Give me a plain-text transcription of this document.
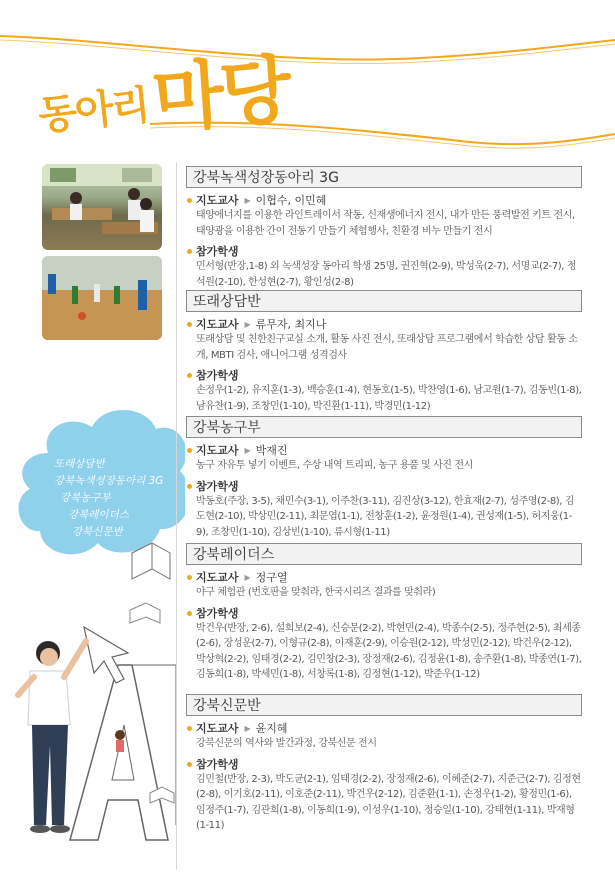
동아리 마당
또래상담반
강북녹색성장동아리 3G
강북농구부
강북레이더스
강북신문반
강북녹색성장동아리 3G
지도교사 ▶ 이협수, 이민혜
태양에너지를 이용한 라인트레이서 작동, 신재생에너지 전시, 내가 만든 풍력발전 키트 전시, 태양광을 이용한 간이 전동기 만들기 체험행사, 친환경 비누 만들기 전시
참가학생
민서형(반장,1-8) 외 녹색성장 동아리 학생 25명, 권진혁(2-9), 박성욱(2-7), 서명교(2-7), 정석원(2-10), 한성현(2-7), 황인성(2-8)
또래상담반
지도교사 ▶ 류무자, 최지나
또래상담 및 친한친구교실 소개, 활동 사진 전시, 또래상담 프로그램에서 학습한 상담 활동 소개, MBTI 검사, 애니어그램 성격검사
참가학생
손정우(1-2), 유지훈(1-3), 백승훈(1-4), 현동호(1-5), 박찬영(1-6), 남고원(1-7), 김동빈(1-8), 남유찬(1-9), 조창민(1-10), 박진환(1-11), 박경민(1-12)
강북농구부
지도교사 ▶ 박재진
농구 자유투 넣기 이벤트, 수상 내역 트리피, 농구 용품 및 사진 전시
참가학생
박동호(주장, 3-5), 채민수(3-1), 이주찬(3-11), 김진상(3-12), 한효재(2-7), 성주영(2-8), 김도현(2-10), 박상민(2-11), 최문엽(1-1), 전창훈(1-2), 윤정원(1-4), 권성재(1-5), 허지웅(1-9), 조창민(1-10), 김상빈(1-10), 류시형(1-11)
강북레이더스
지도교사 ▶ 정구열
야구 체험관 (번호판을 맞춰라, 한국시리즈 결과를 맞춰라)
참가학생
박건우(반장, 2-6), 설희보(2-4), 신승문(2-2), 박현민(2-4), 박종수(2-5), 정주현(2-5), 최세종(2-6), 장성운(2-7), 이형규(2-8), 이재훈(2-9), 이승원(2-12), 박성민(2-12), 박건우(2-12), 박상혁(2-2), 임태경(2-2), 김민창(2-3), 장정재(2-6), 김정윤(1-8), 송주환(1-8), 박종연(1-7), 김동희(1-8), 박세민(1-8), 서창록(1-8), 김정현(1-12), 박준우(1-12)
강북신문반
지도교사 ▶ 윤지혜
강북신문의 역사와 발간과정, 강북신문 전시
참가학생
김민철(반장, 2-3), 박도균(2-1), 임태경(2-2), 장정재(2-6), 이혜준(2-7), 지준근(2-7), 김정현(2-8), 이기호(2-11), 이호준(2-11), 박건우(2-12), 김준환(1-1), 손정우(1-2), 황정민(1-6), 임정주(1-7), 김관희(1-8), 이동희(1-9), 이성우(1-10), 정승일(1-10), 강태현(1-11), 박재형(1-11)
